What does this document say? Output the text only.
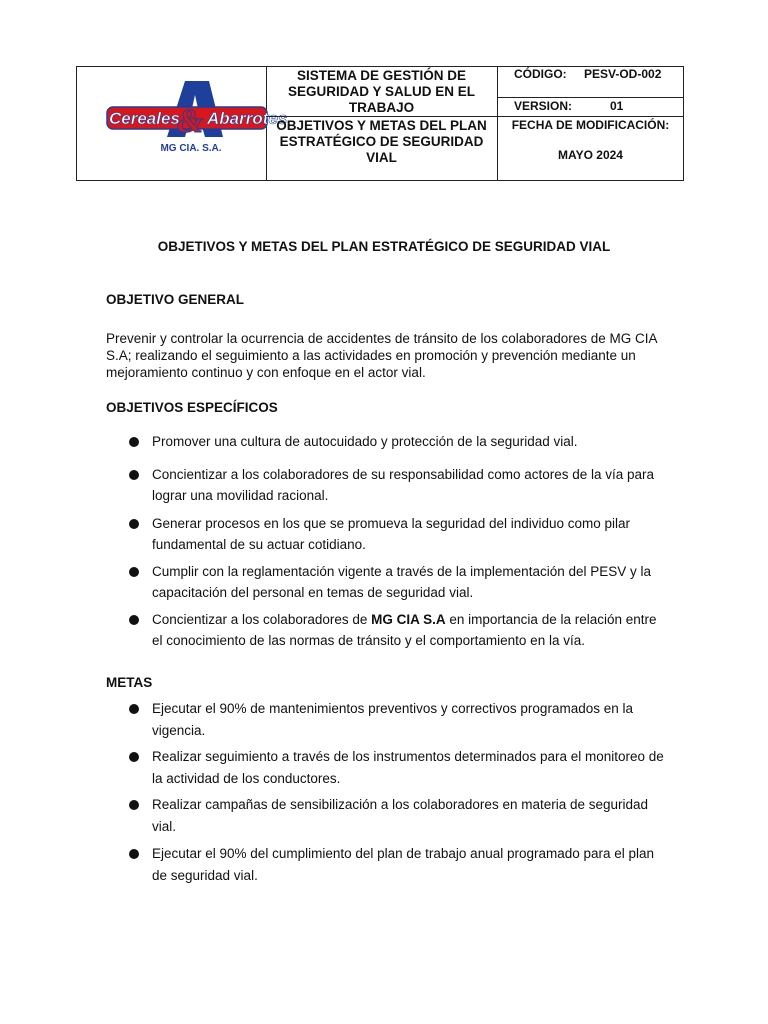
Cereales
& Abarrotes
MG CIA. S.A.
SISTEMA DE GESTIÓN DE SEGURIDAD Y SALUD EN EL TRABAJO
OBJETIVOS Y METAS DEL PLAN ESTRATÉGICO DE SEGURIDAD VIAL
CÓDIGO: PESV-OD-002
VERSION:	01
FECHA DE MODIFICACIÓN:
MAYO 2024
OBJETIVOS Y METAS DEL PLAN ESTRATÉGICO DE SEGURIDAD VIAL
OBJETIVO GENERAL
Prevenir y controlar la ocurrencia de accidentes de tránsito de los colaboradores de MG CIA S.A; realizando el seguimiento a las actividades en promoción y prevención mediante un mejoramiento continuo y con enfoque en el actor vial.
OBJETIVOS ESPECÍFICOS
Promover una cultura de autocuidado y protección de la seguridad vial.
Concientizar a los colaboradores de su responsabilidad como actores de la vía para lograr una movilidad racional.
Generar procesos en los que se promueva la seguridad del individuo como pilar fundamental de su actuar cotidiano.
Cumplir con la reglamentación vigente a través de la implementación del PESV y la capacitación del personal en temas de seguridad vial.
Concientizar a los colaboradores de MG CIA S.A en importancia de la relación entre el conocimiento de las normas de tránsito y el comportamiento en la vía.
METAS
Ejecutar el 90% de mantenimientos preventivos y correctivos programados en la vigencia.
Realizar seguimiento a través de los instrumentos determinados para el monitoreo de la actividad de los conductores.
Realizar campañas de sensibilización a los colaboradores en materia de seguridad vial.
Ejecutar el 90% del cumplimiento del plan de trabajo anual programado para el plan de seguridad vial.
